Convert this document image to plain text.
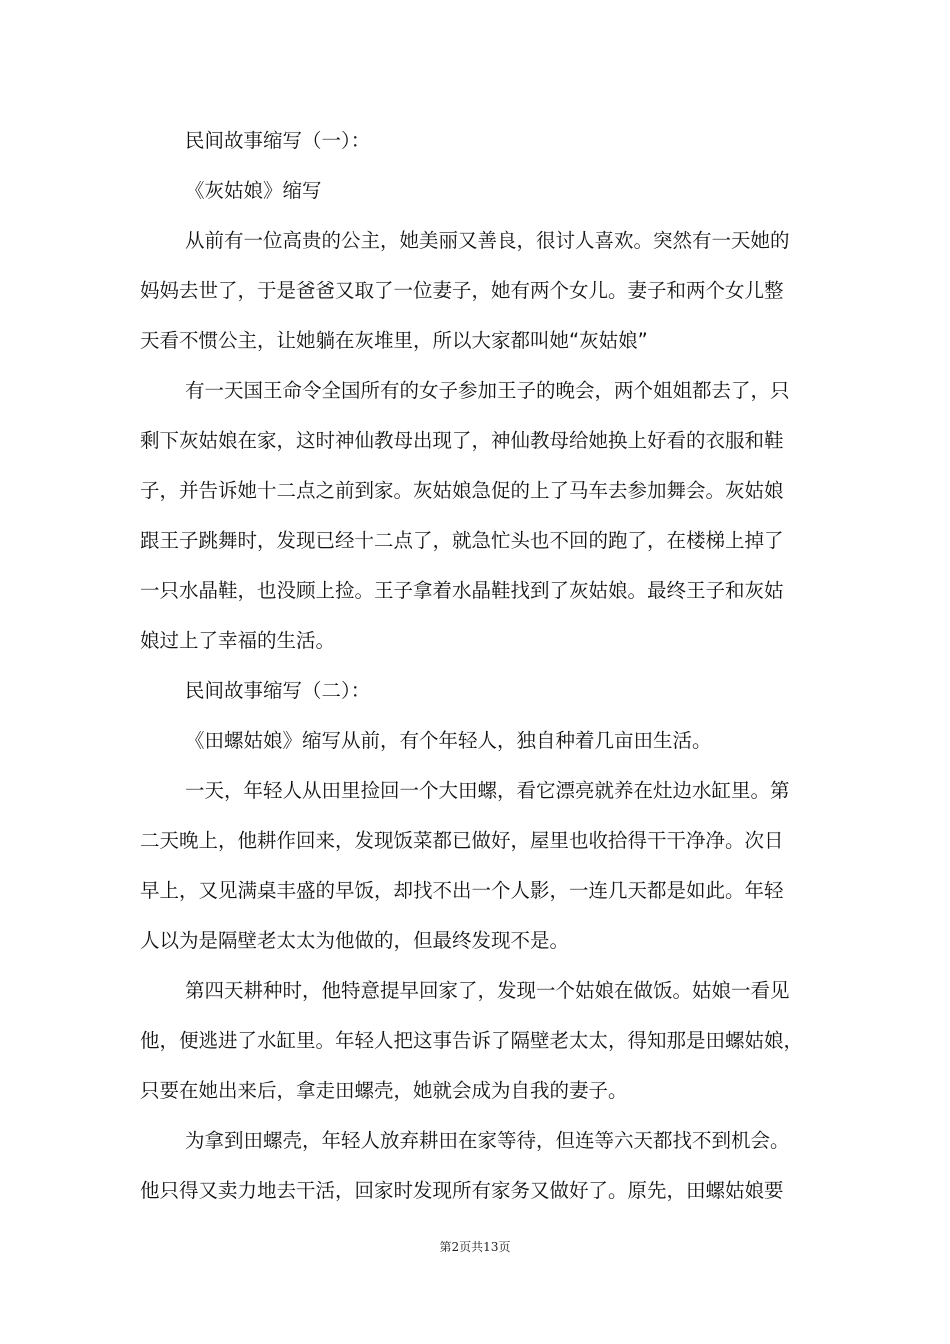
民间故事缩写（一）：
《灰姑娘》缩写
从前有一位高贵的公主，她美丽又善良，很讨人喜欢。突然有一天她的
妈妈去世了，于是爸爸又取了一位妻子，她有两个女儿。妻子和两个女儿整
天看不惯公主，让她躺在灰堆里，所以大家都叫她“灰姑娘”
有一天国王命令全国所有的女子参加王子的晚会，两个姐姐都去了，只
剩下灰姑娘在家，这时神仙教母出现了，神仙教母给她换上好看的衣服和鞋
子，并告诉她十二点之前到家。灰姑娘急促的上了马车去参加舞会。灰姑娘
跟王子跳舞时，发现已经十二点了，就急忙头也不回的跑了，在楼梯上掉了
一只水晶鞋，也没顾上捡。王子拿着水晶鞋找到了灰姑娘。最终王子和灰姑
娘过上了幸福的生活。
民间故事缩写（二）：
《田螺姑娘》缩写从前，有个年轻人，独自种着几亩田生活。
一天，年轻人从田里捡回一个大田螺，看它漂亮就养在灶边水缸里。第
二天晚上，他耕作回来，发现饭菜都已做好，屋里也收拾得干干净净。次日
早上，又见满桌丰盛的早饭，却找不出一个人影，一连几天都是如此。年轻
人以为是隔壁老太太为他做的，但最终发现不是。
第四天耕种时，他特意提早回家了，发现一个姑娘在做饭。姑娘一看见
他，便逃进了水缸里。年轻人把这事告诉了隔壁老太太，得知那是田螺姑娘，
只要在她出来后，拿走田螺壳，她就会成为自我的妻子。
为拿到田螺壳，年轻人放弃耕田在家等待，但连等六天都找不到机会。
他只得又卖力地去干活，回家时发现所有家务又做好了。原先，田螺姑娘要
第2页共13页
